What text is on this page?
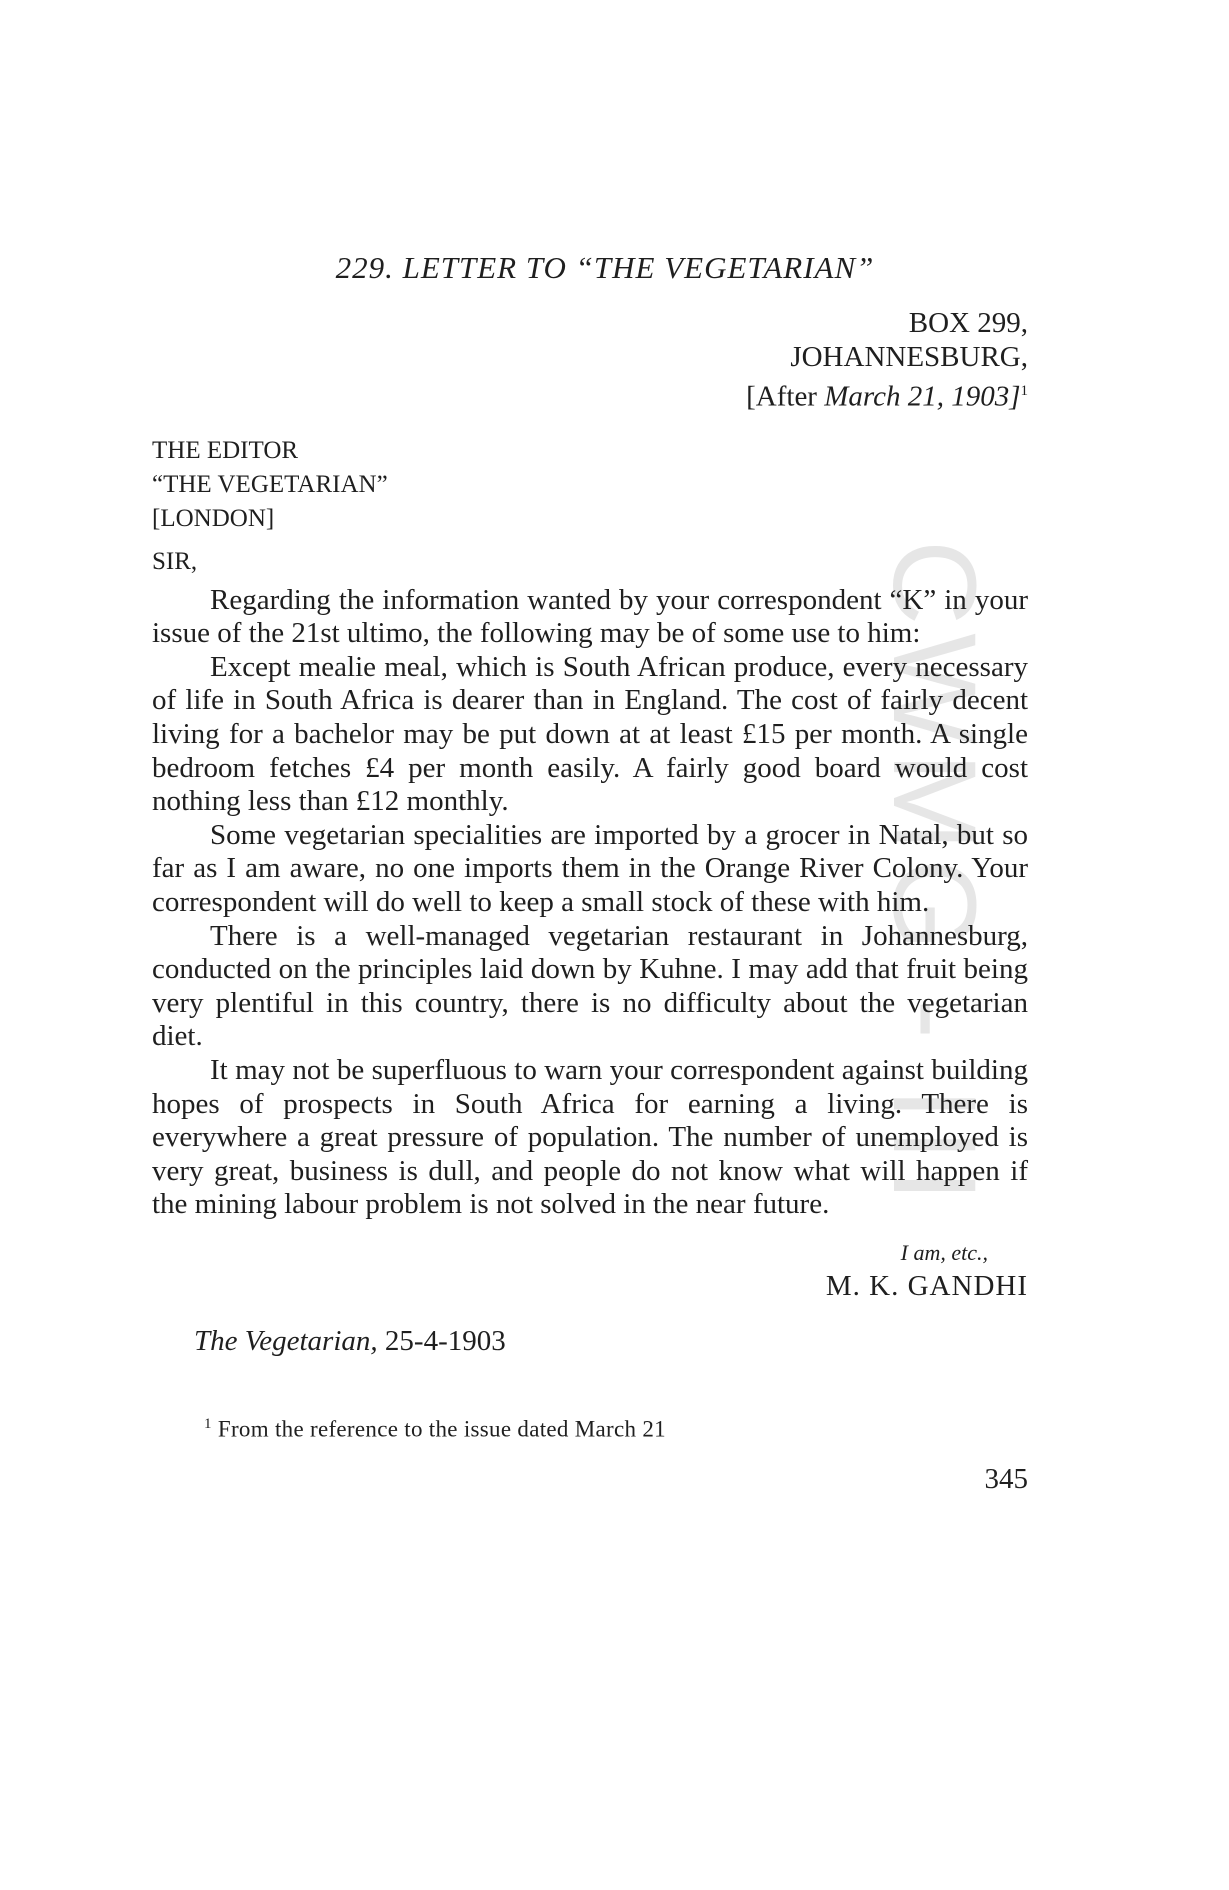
CWMG - III
229. LETTER TO “THE VEGETARIAN”
BOX 299,
JOHANNESBURG,
[After March 21, 1903]$^1$
THE EDITOR
“THE VEGETARIAN”
[LONDON]
SIR,

Regarding the information wanted by your correspondent “K” in your issue of the 21st ultimo, the following may be of some use to him:

Except mealie meal, which is South African produce, every necessary of life in South Africa is dearer than in England. The cost of fairly decent living for a bachelor may be put down at at least £15 per month. A single bedroom fetches £4 per month easily. A fairly good board would cost nothing less than £12 monthly.

Some vegetarian specialities are imported by a grocer in Natal, but so far as I am aware, no one imports them in the Orange River Colony. Your correspondent will do well to keep a small stock of these with him.

There is a well-managed vegetarian restaurant in Johannesburg, conducted on the principles laid down by Kuhne. I may add that fruit being very plentiful in this country, there is no difficulty about the vegetarian diet.

It may not be superfluous to warn your correspondent against building hopes of prospects in South Africa for earning a living. There is everywhere a great pressure of population. The number of unemployed is very great, business is dull, and people do not know what will happen if the mining labour problem is not solved in the near future.

I am, etc.,
M. K. GANDHI
The Vegetarian, 25-4-1903
$^1$ From the reference to the issue dated March 21
345
